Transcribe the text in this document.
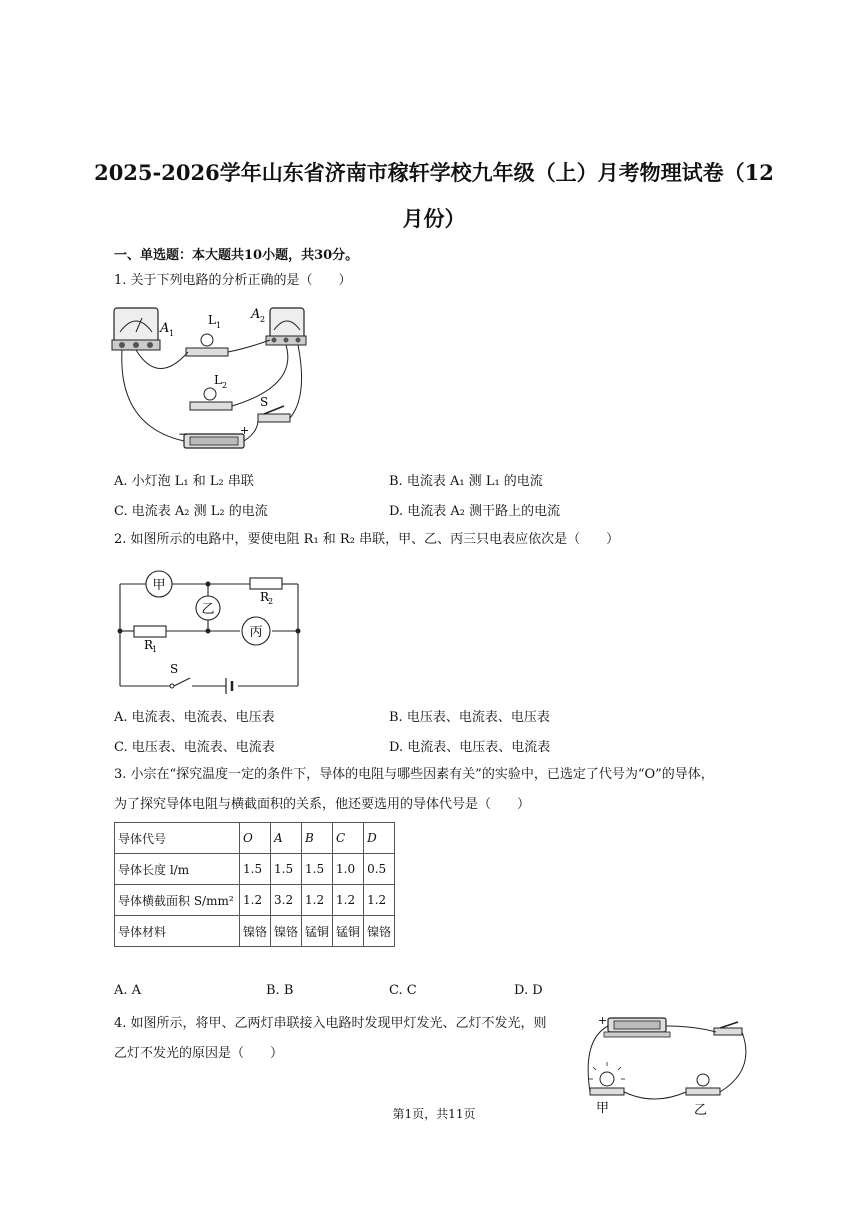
2025-2026学年山东省济南市稼轩学校九年级（上）月考物理试卷（12
月份）
一、单选题：本大题共10小题，共30分。
1. 关于下列电路的分析正确的是（　　）
A 1
L 1
A 2
L 2
S
−	+
A. 小灯泡 L₁ 和 L₂ 串联	B. 电流表 A₁ 测 L₁ 的电流
C. 电流表 A₂ 测 L₂ 的电流	D. 电流表 A₂ 测干路上的电流
2. 如图所示的电路中，要使电阻 R₁ 和 R₂ 串联，甲、乙、丙三只电表应依次是（　　）
甲
乙
丙
R
2
R
1
S
A. 电流表、电流表、电压表	B. 电压表、电流表、电压表
C. 电压表、电流表、电流表	D. 电流表、电压表、电流表
3. 小宗在“探究温度一定的条件下，导体的电阻与哪些因素有关”的实验中，已选定了代号为“O”的导体，
为了探究导体电阻与横截面积的关系，他还要选用的导体代号是（　　）
导体代号	O	A	B	C	D
导体长度 l/m	1.5	1.5	1.5	1.0	0.5
导体横截面积 S/mm²	1.2	3.2	1.2	1.2	1.2
导体材料	镍铬	镍铬	锰铜	锰铜	镍铬
A. A	B. B	C. C	D. D
4. 如图所示，将甲、乙两灯串联接入电路时发现甲灯发光、乙灯不发光，则
乙灯不发光的原因是（　　）
+
甲	乙
第1页，共11页
